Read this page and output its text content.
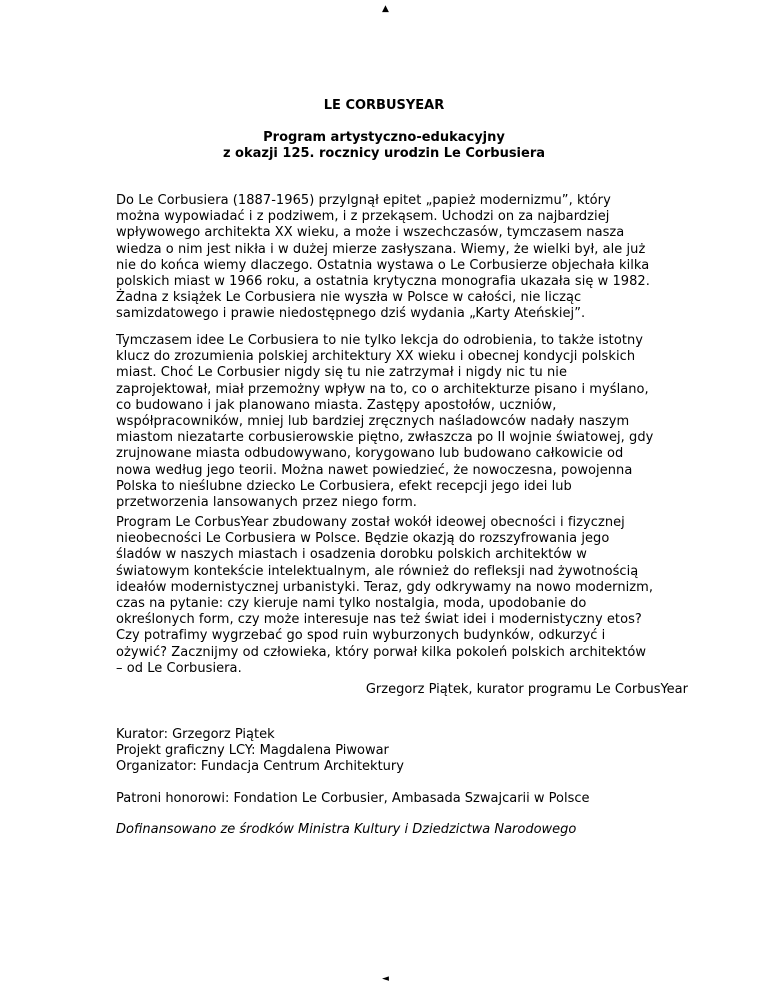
▲
LE CORBUSYEAR
Program artystyczno-edukacyjny
z okazji 125. rocznicy urodzin Le Corbusiera
Do Le Corbusiera (1887-1965) przylgnął epitet „papież modernizmu”, który
można wypowiadać i z podziwem, i z przekąsem. Uchodzi on za najbardziej
wpływowego architekta XX wieku, a może i wszechczasów, tymczasem nasza
wiedza o nim jest nikła i w dużej mierze zasłyszana. Wiemy, że wielki był, ale już
nie do końca wiemy dlaczego. Ostatnia wystawa o Le Corbusierze objechała kilka
polskich miast w 1966 roku, a ostatnia krytyczna monografia ukazała się w 1982.
Żadna z książek Le Corbusiera nie wyszła w Polsce w całości, nie licząc
samizdatowego i prawie niedostępnego dziś wydania „Karty Ateńskiej”.
Tymczasem idee Le Corbusiera to nie tylko lekcja do odrobienia, to także istotny
klucz do zrozumienia polskiej architektury XX wieku i obecnej kondycji polskich
miast. Choć Le Corbusier nigdy się tu nie zatrzymał i nigdy nic tu nie
zaprojektował, miał przemożny wpływ na to, co o architekturze pisano i myślano,
co budowano i jak planowano miasta. Zastępy apostołów, uczniów,
współpracowników, mniej lub bardziej zręcznych naśladowców nadały naszym
miastom niezatarte corbusierowskie piętno, zwłaszcza po II wojnie światowej, gdy
zrujnowane miasta odbudowywano, korygowano lub budowano całkowicie od
nowa według jego teorii. Można nawet powiedzieć, że nowoczesna, powojenna
Polska to nieślubne dziecko Le Corbusiera, efekt recepcji jego idei lub
przetworzenia lansowanych przez niego form.
Program Le CorbusYear zbudowany został wokół ideowej obecności i fizycznej
nieobecności Le Corbusiera w Polsce. Będzie okazją do rozszyfrowania jego
śladów w naszych miastach i osadzenia dorobku polskich architektów w
światowym kontekście intelektualnym, ale również do refleksji nad żywotnością
ideałów modernistycznej urbanistyki. Teraz, gdy odkrywamy na nowo modernizm,
czas na pytanie: czy kieruje nami tylko nostalgia, moda, upodobanie do
określonych form, czy może interesuje nas też świat idei i modernistyczny etos?
Czy potrafimy wygrzebać go spod ruin wyburzonych budynków, odkurzyć i
ożywić? Zacznijmy od człowieka, który porwał kilka pokoleń polskich architektów
– od Le Corbusiera.
Grzegorz Piątek, kurator programu Le CorbusYear
Kurator: Grzegorz Piątek
Projekt graficzny LCY: Magdalena Piwowar
Organizator: Fundacja Centrum Architektury
Patroni honorowi: Fondation Le Corbusier, Ambasada Szwajcarii w Polsce
Dofinansowano ze środków Ministra Kultury i Dziedzictwa Narodowego
◄
